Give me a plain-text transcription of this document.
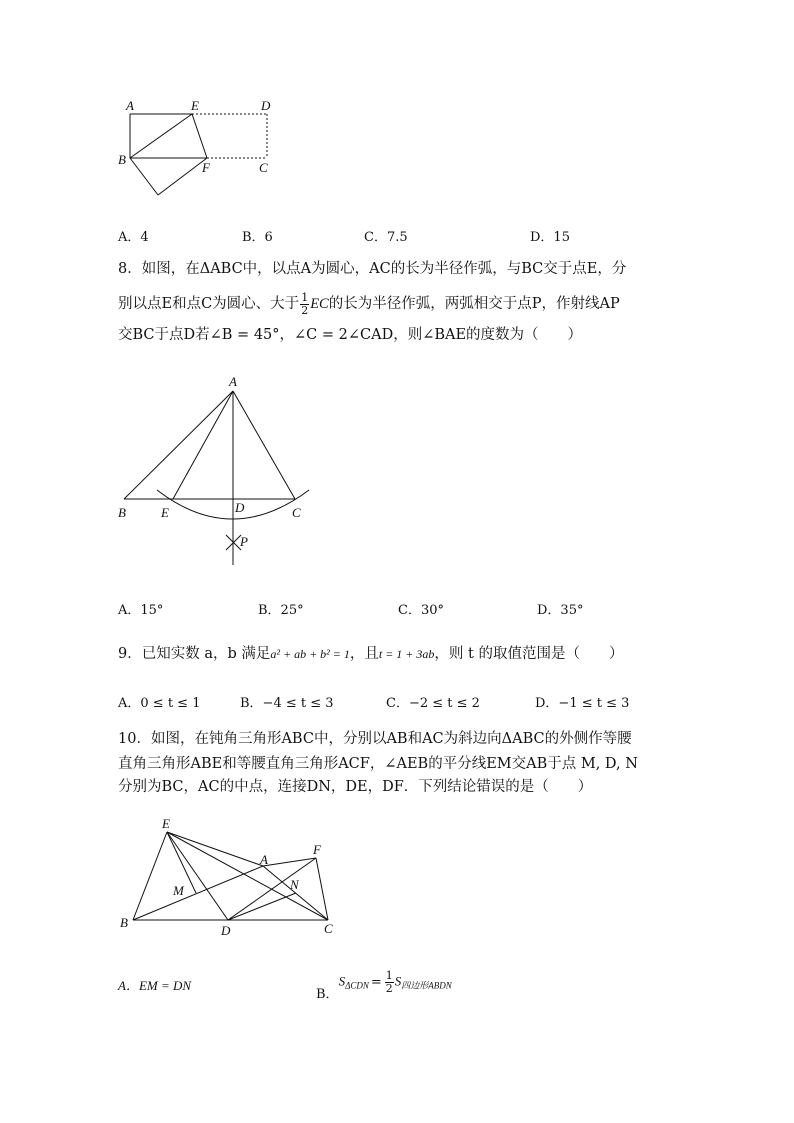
A	E	D
B
F	C
A．4	B．6	C．7.5	D．15
8．如图，在ΔABC中，以点A为圆心，AC的长为半径作弧，与BC交于点E，分
别以点E和点C为圆心、大于 $\frac{1}{2}$ EC的长为半径作弧，两弧相交于点P，作射线AP
交BC于点D若∠B = 45°，∠C = 2∠CAD，则∠BAE的度数为（　　）
A
B	E	D	C
P
A．15°	B．25°	C．30°	D．35°
9．已知实数 a，b 满足a² + ab + b² = 1，且t = 1 + 3ab，则 t 的取值范围是（　　）
A．0 ≤ t ≤ 1	B．−4 ≤ t ≤ 3	C．−2 ≤ t ≤ 2	D．−1 ≤ t ≤ 3
10．如图，在钝角三角形ABC中，分别以AB和AC为斜边向ΔABC的外侧作等腰
直角三角形ABE和等腰直角三角形ACF，∠AEB的平分线EM交AB于点 M, D, N
分别为BC，AC的中点，连接DN，DE，DF．下列结论错误的是（　　）
E
F
A
M	N
B
D	C
A．EM = DN
B．$S_{\Delta CDN} = \frac{1}{2} S_{四边形ABDN}$
